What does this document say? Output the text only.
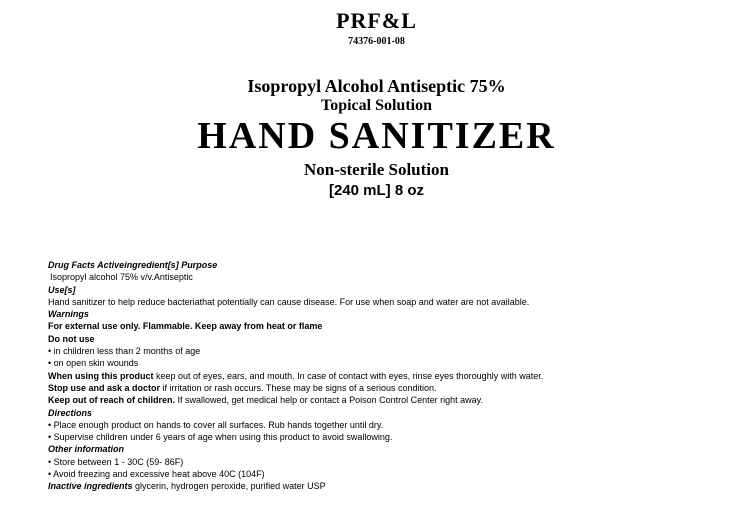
PRF&L
74376-001-08
Isopropyl Alcohol Antiseptic 75%
Topical Solution
HAND SANITIZER
Non-sterile Solution
[240 mL] 8 oz
Drug Facts Activeingredient[s] Purpose
Isopropyl alcohol 75% v/v.Antiseptic
Use[s]
Hand sanitizer to help reduce bacteriathat potentially can cause disease. For use when soap and water are not available.
Warnings
For external use only. Flammable. Keep away from heat or flame
Do not use
• in children less than 2 months of age
• on open skin wounds
When using this product keep out of eyes, ears, and mouth. In case of contact with eyes, rinse eyes thoroughly with water.
Stop use and ask a doctor if irritation or rash occurs. These may be signs of a serious condition.
Keep out of reach of children. If swallowed, get medical help or contact a Poison Control Center right away.
Directions
• Place enough product on hands to cover all surfaces. Rub hands together until dry.
• Supervise children under 6 years of age when using this product to avoid swallowing.
Other information
• Store between 1 - 30C (59- 86F)
• Avoid freezing and excessive heat above 40C (104F)
Inactive ingredients glycerin, hydrogen peroxide, purified water USP
